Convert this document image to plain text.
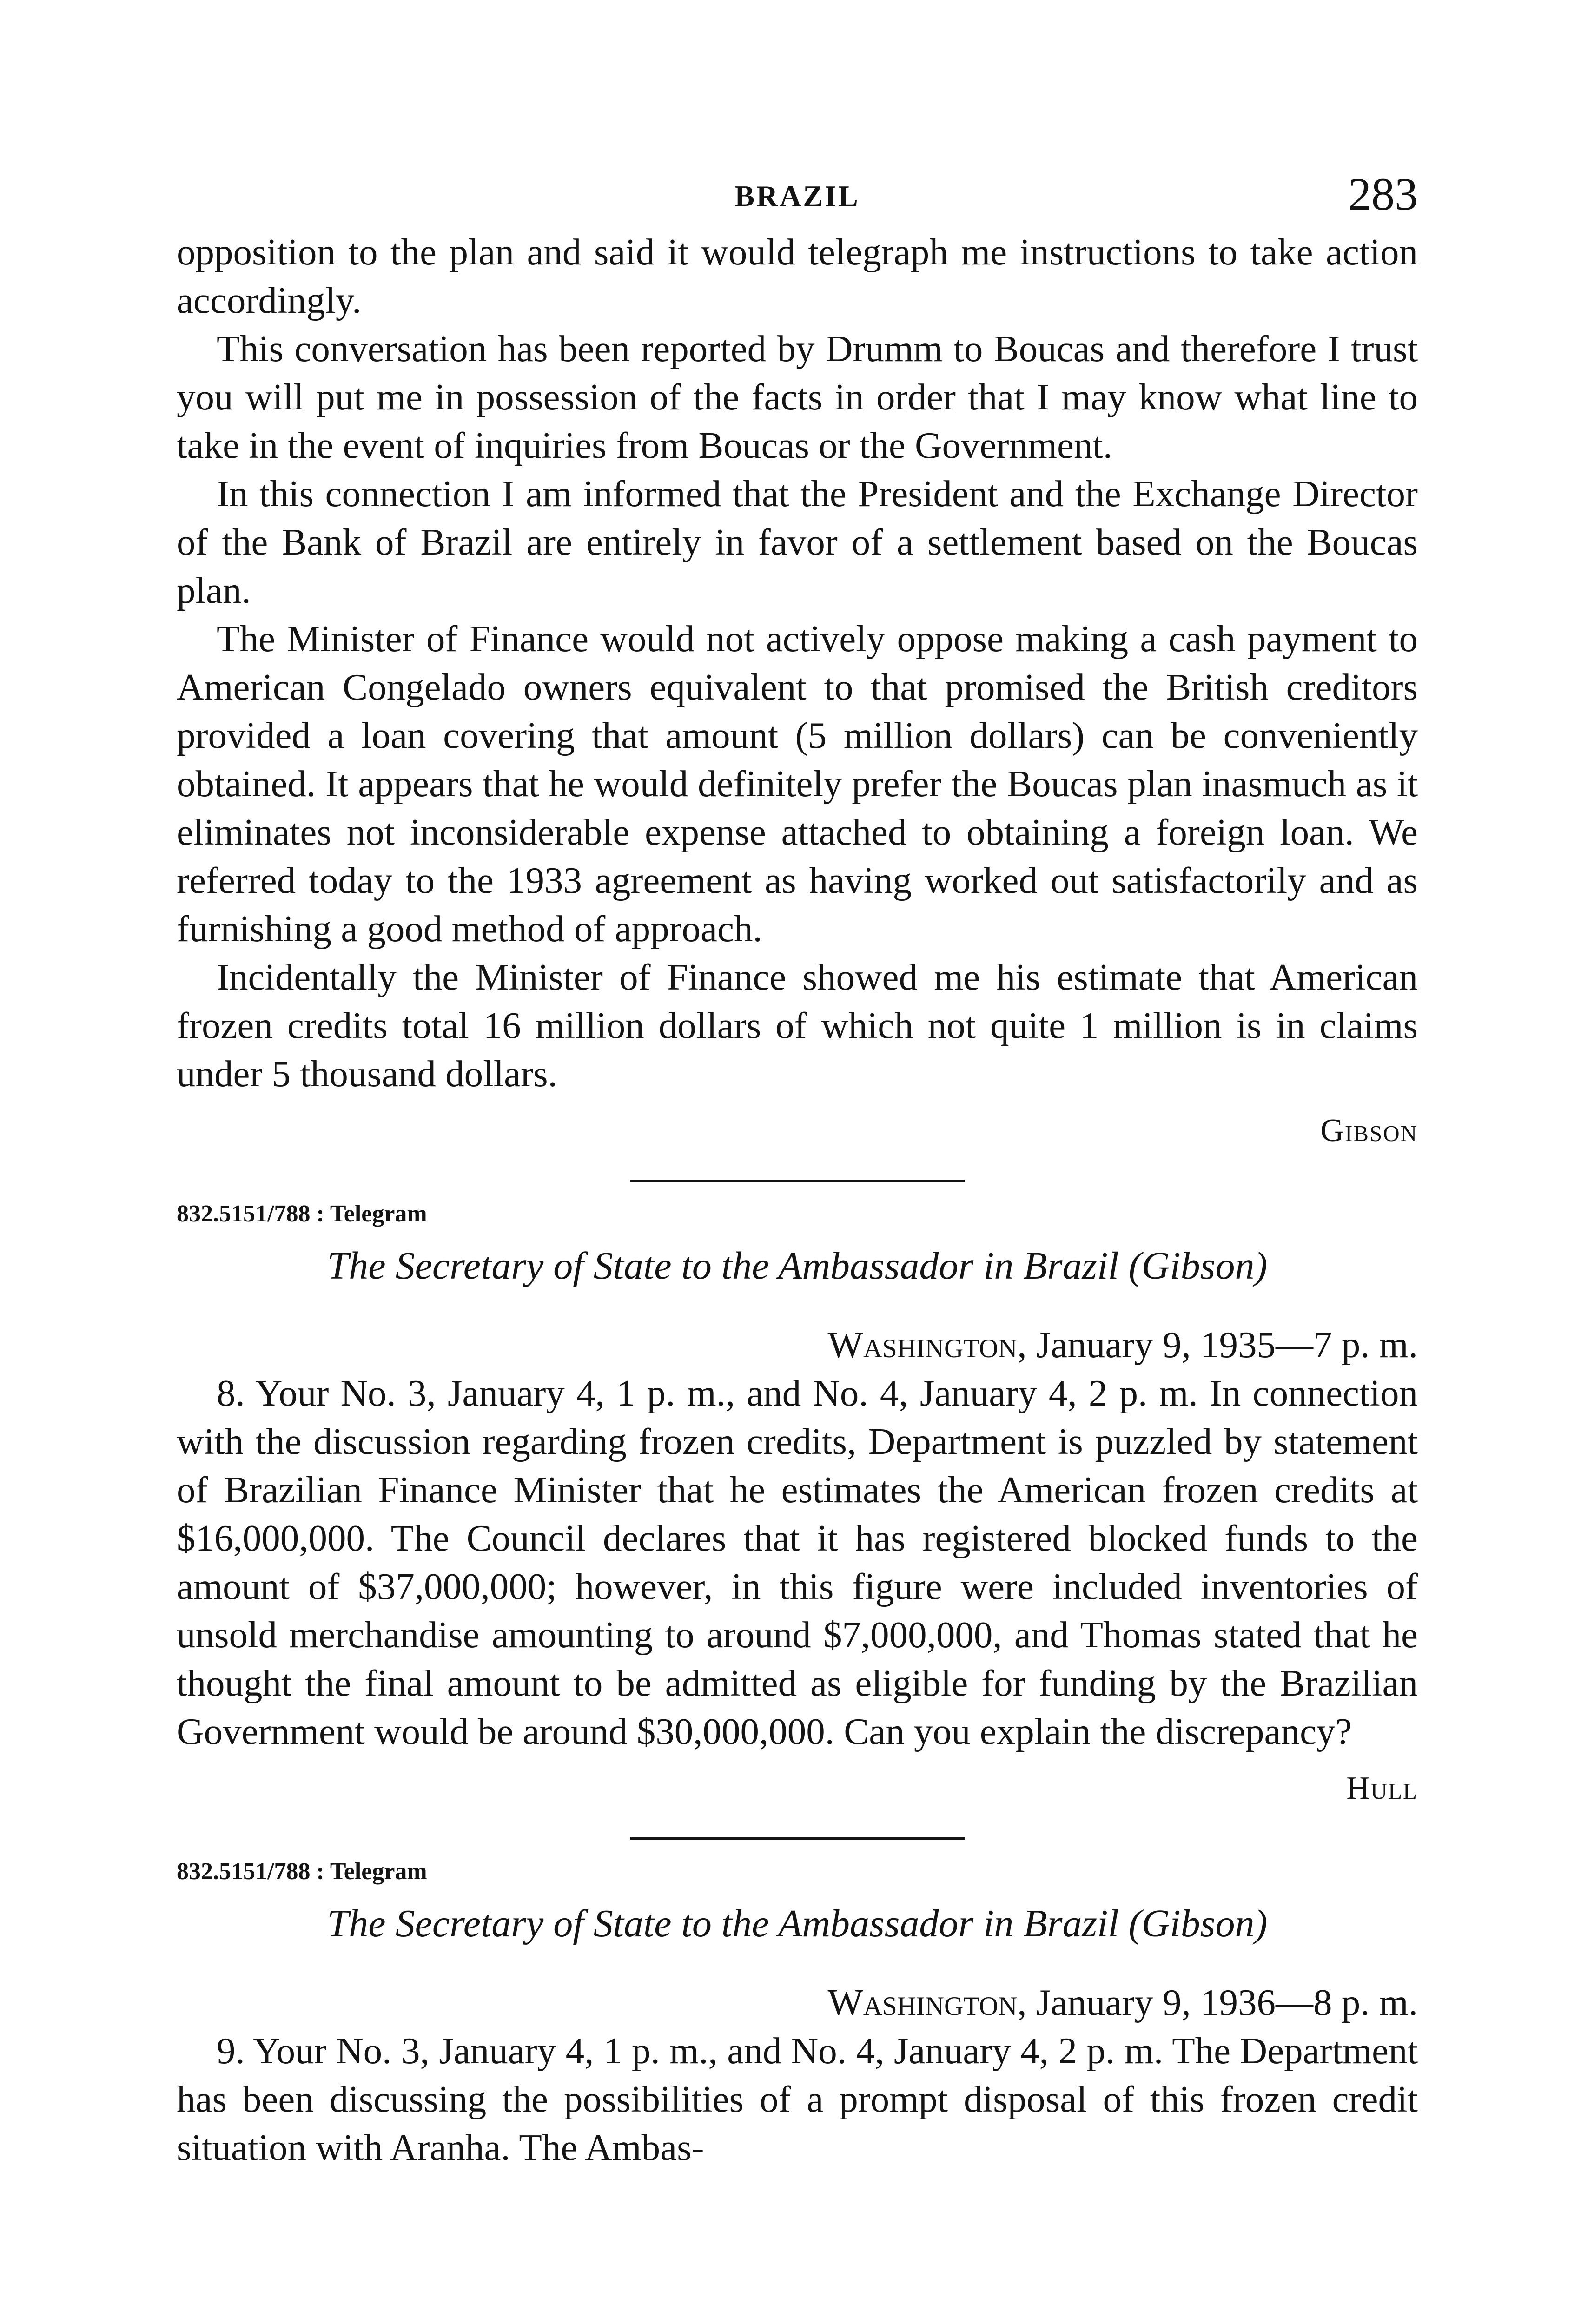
BRAZIL	283

opposition to the plan and said it would telegraph me instructions to take action accordingly.

This conversation has been reported by Drumm to Boucas and therefore I trust you will put me in possession of the facts in order that I may know what line to take in the event of inquiries from Boucas or the Government.

In this connection I am informed that the President and the Exchange Director of the Bank of Brazil are entirely in favor of a settlement based on the Boucas plan.

The Minister of Finance would not actively oppose making a cash payment to American Congelado owners equivalent to that promised the British creditors provided a loan covering that amount (5 million dollars) can be conveniently obtained. It appears that he would definitely prefer the Boucas plan inasmuch as it eliminates not inconsiderable expense attached to obtaining a foreign loan. We referred today to the 1933 agreement as having worked out satisfactorily and as furnishing a good method of approach.

Incidentally the Minister of Finance showed me his estimate that American frozen credits total 16 million dollars of which not quite 1 million is in claims under 5 thousand dollars.

Gibson
832.5151/788 : Telegram
The Secretary of State to the Ambassador in Brazil (Gibson)
Washington, January 9, 1935—7 p. m.

8. Your No. 3, January 4, 1 p. m., and No. 4, January 4, 2 p. m. In connection with the discussion regarding frozen credits, Department is puzzled by statement of Brazilian Finance Minister that he estimates the American frozen credits at $16,000,000. The Council declares that it has registered blocked funds to the amount of $37,000,000; however, in this figure were included inventories of unsold merchandise amounting to around $7,000,000, and Thomas stated that he thought the final amount to be admitted as eligible for funding by the Brazilian Government would be around $30,000,000. Can you explain the discrepancy?

Hull
832.5151/788 : Telegram
The Secretary of State to the Ambassador in Brazil (Gibson)
Washington, January 9, 1936—8 p. m.

9. Your No. 3, January 4, 1 p. m., and No. 4, January 4, 2 p. m. The Department has been discussing the possibilities of a prompt disposal of this frozen credit situation with Aranha. The Ambas-
